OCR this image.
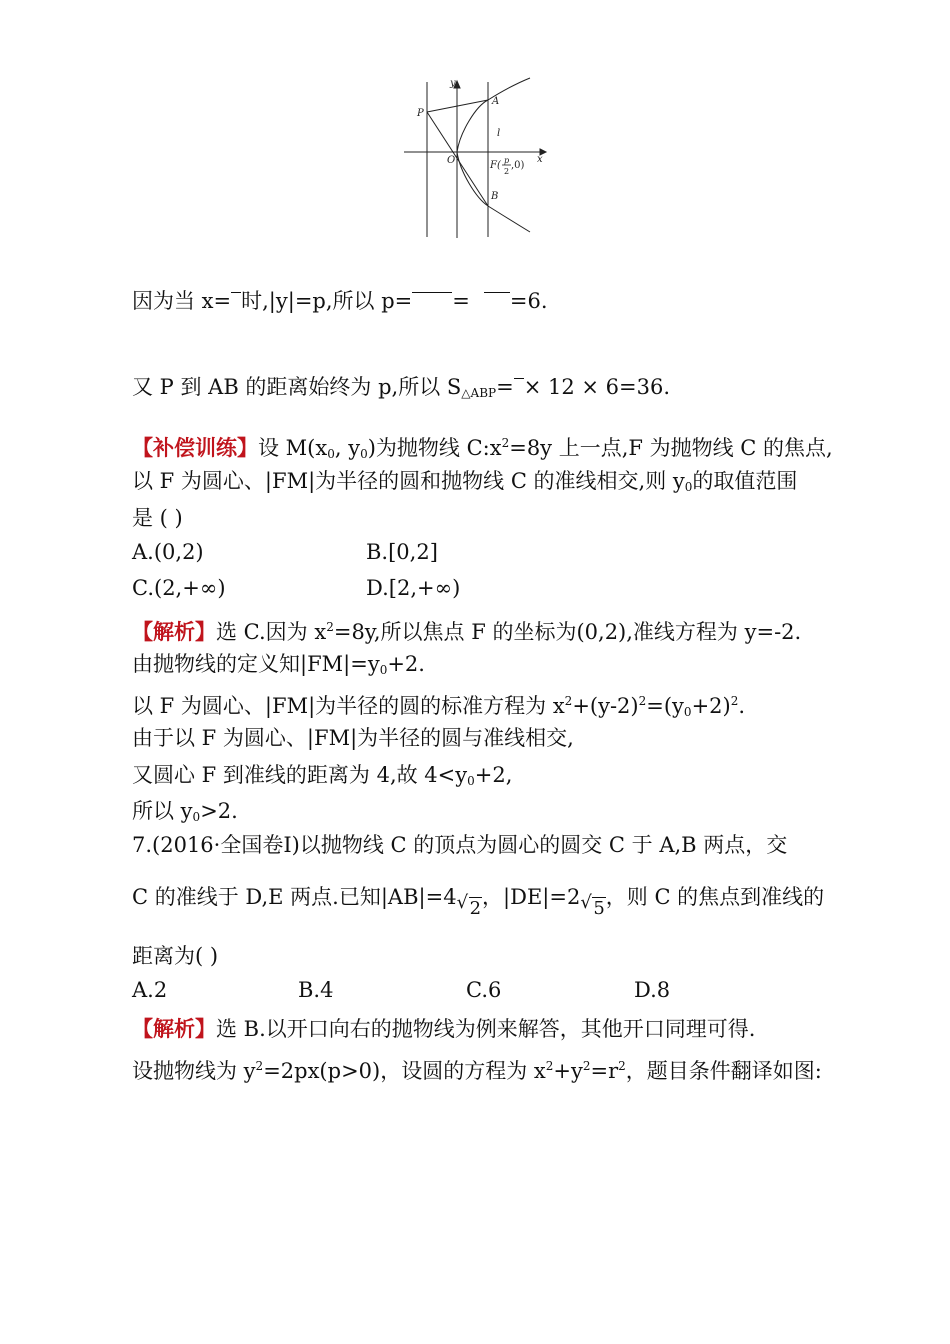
y
x
P
A
l
O	F ( p
2
,0)
B
因为当 x= 时,|y|=p,所以 p= = =6.
又 P 到 AB 的距离始终为 p,所以 $S_{\triangle ABP}= \times 12 \times 6=36$.
【补偿训练】设 $M(x_0$, $y_0$)为抛物线 $C:x^2=8y$ 上一点,F 为抛物线 C 的焦点,
以 F 为圆心、|FM|为半径的圆和抛物线 C 的准线相交,则 $y_0$的取值范围
是 ( )
A.(0,2)	B.[0,2]
C.(2,+∞)	D.[2,+∞)
【解析】选 C.因为 $x^2=8y$,所以焦点 F 的坐标为(0,2),准线方程为 y=-2.
由抛物线的定义知$|FM|=y_0+2$.
以 F 为圆心、|FM|为半径的圆的标准方程为 $x^2+(y-2)^2=(y_0+2)^2$.
由于以 F 为圆心、|FM|为半径的圆与准线相交,
又圆心 F 到准线的距离为 4,故 $4<y_0+2$,
所以 $y_0>2$.
7.(2016·全国卷Ⅰ)以抛物线 C 的顶点为圆心的圆交 C 于 A,B 两点，交
C 的准线于 D,E 两点.已知|AB|=4 √ 2，|DE|=2 √ 5，则 C 的焦点到准线的
距离为( )
A.2	B.4	C.6	D.8
【解析】选 B.以开口向右的抛物线为例来解答，其他开口同理可得.
设抛物线为 $y^2=2px(p>0)$，设圆的方程为 $x^2+y^2=r^2$，题目条件翻译如图:
